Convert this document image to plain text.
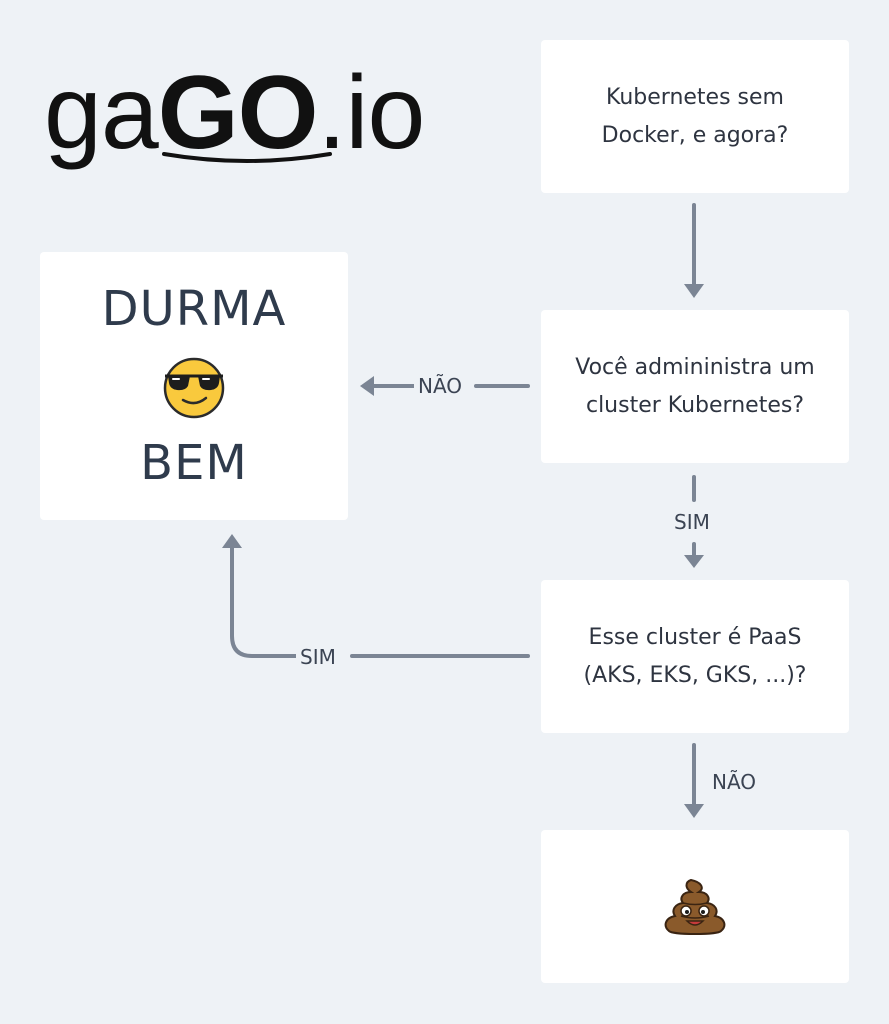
gaGO.io
NÃO
SIM
SIM
NÃO
Kubernetes sem
Docker, e agora?
Você admininistra um
cluster Kubernetes?
Esse cluster é PaaS
(AKS, EKS, GKS, ...)?
DURMA
BEM
